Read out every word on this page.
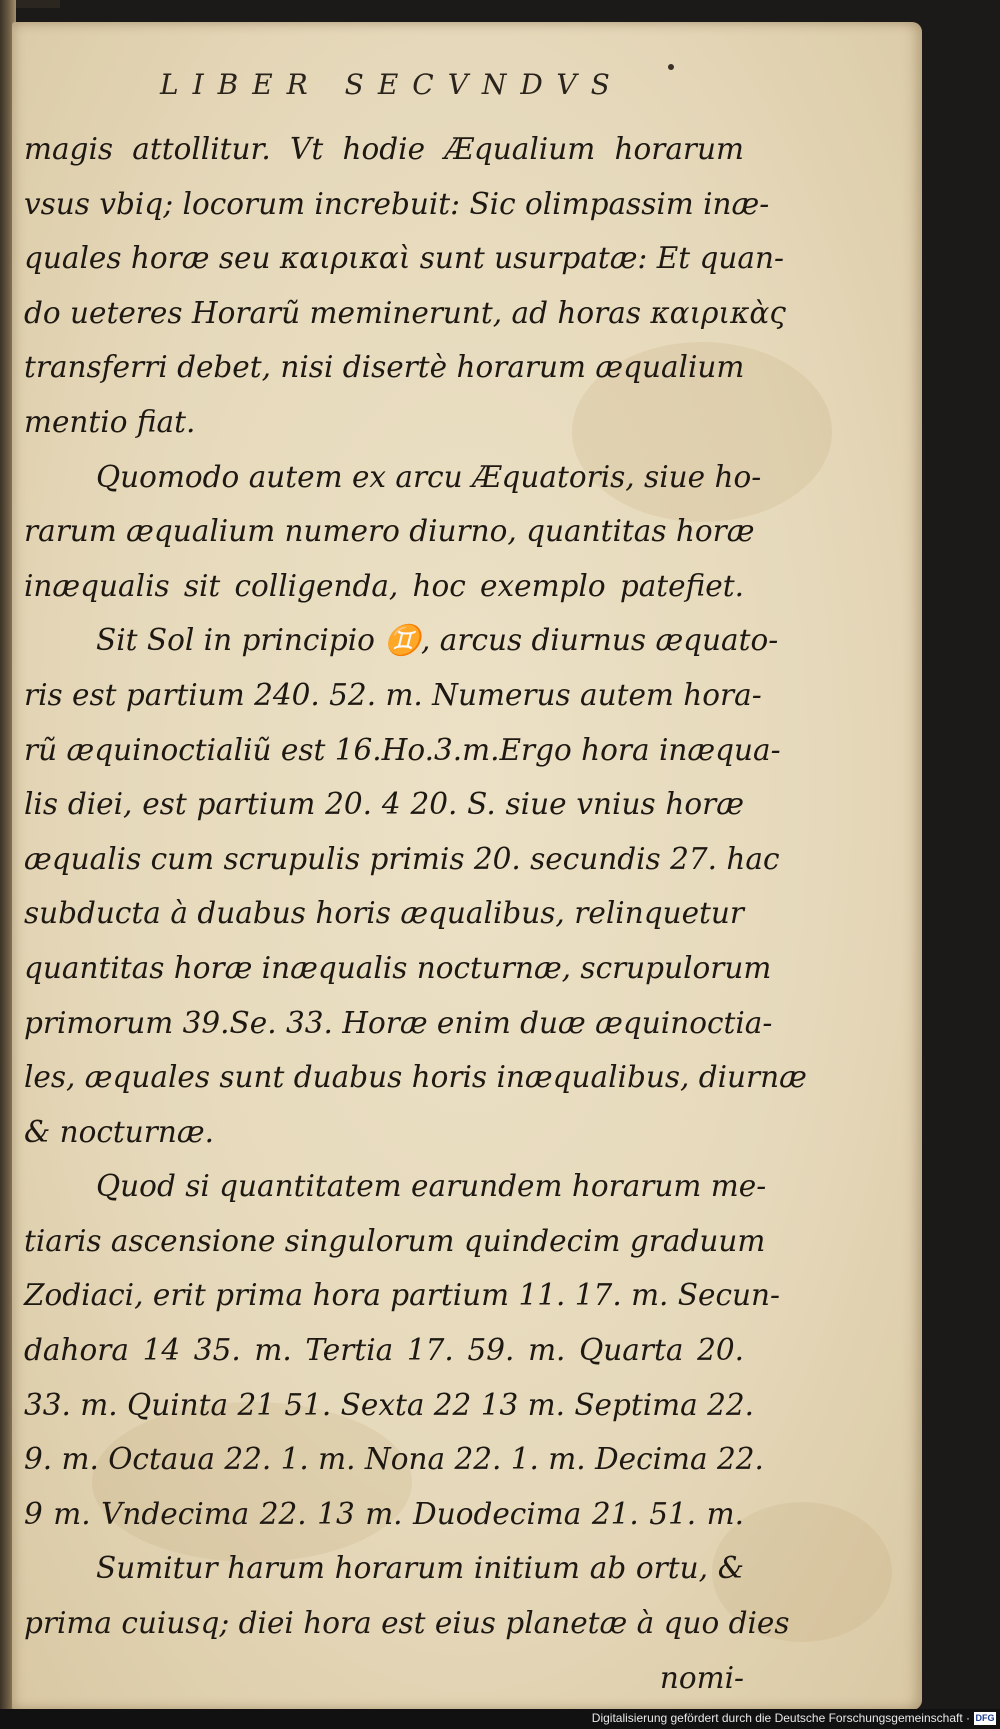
LIBER SECVNDVS
magis attollitur. Vt hodie Æqualium horarum
vsus vbiq; locorum increbuit: Sic olimpassim inæ-
quales horæ seu καιρικαὶ sunt usurpatæ: Et quan-
do ueteres Horarũ meminerunt, ad horas καιρικὰς
transferri debet, nisi disertè horarum æqualium
mentio fiat.
Quomodo autem ex arcu Æquatoris, siue ho-
rarum æqualium numero diurno, quantitas horæ
inæqualis sit colligenda, hoc exemplo patefiet.
Sit Sol in principio ♊, arcus diurnus æquato-
ris est partium 240. 52. m. Numerus autem hora-
rũ æquinoctialiũ est 16.Ho.3.m.Ergo hora inæqua-
lis diei, est partium 20. 4 20. S. siue vnius horæ
æqualis cum scrupulis primis 20. secundis 27. hac
subducta à duabus horis æqualibus, relinquetur
quantitas horæ inæqualis nocturnæ, scrupulorum
primorum 39.Se. 33. Horæ enim duæ æquinoctia-
les, æquales sunt duabus horis inæqualibus, diurnæ
& nocturnæ.
Quod si quantitatem earundem horarum me-
tiaris ascensione singulorum quindecim graduum
Zodiaci, erit prima hora partium 11. 17. m. Secun-
dahora 14 35. m. Tertia 17. 59. m. Quarta 20.
33. m. Quinta 21 51. Sexta 22 13 m. Septima 22.
9. m. Octaua 22. 1. m. Nona 22. 1. m. Decima 22.
9 m. Vndecima 22. 13 m. Duodecima 21. 51. m.
Sumitur harum horarum initium ab ortu, &
prima cuiusq; diei hora est eius planetæ à quo dies
nomi-
Digitalisierung gefördert durch die Deutsche Forschungsgemeinschaft · DFG
